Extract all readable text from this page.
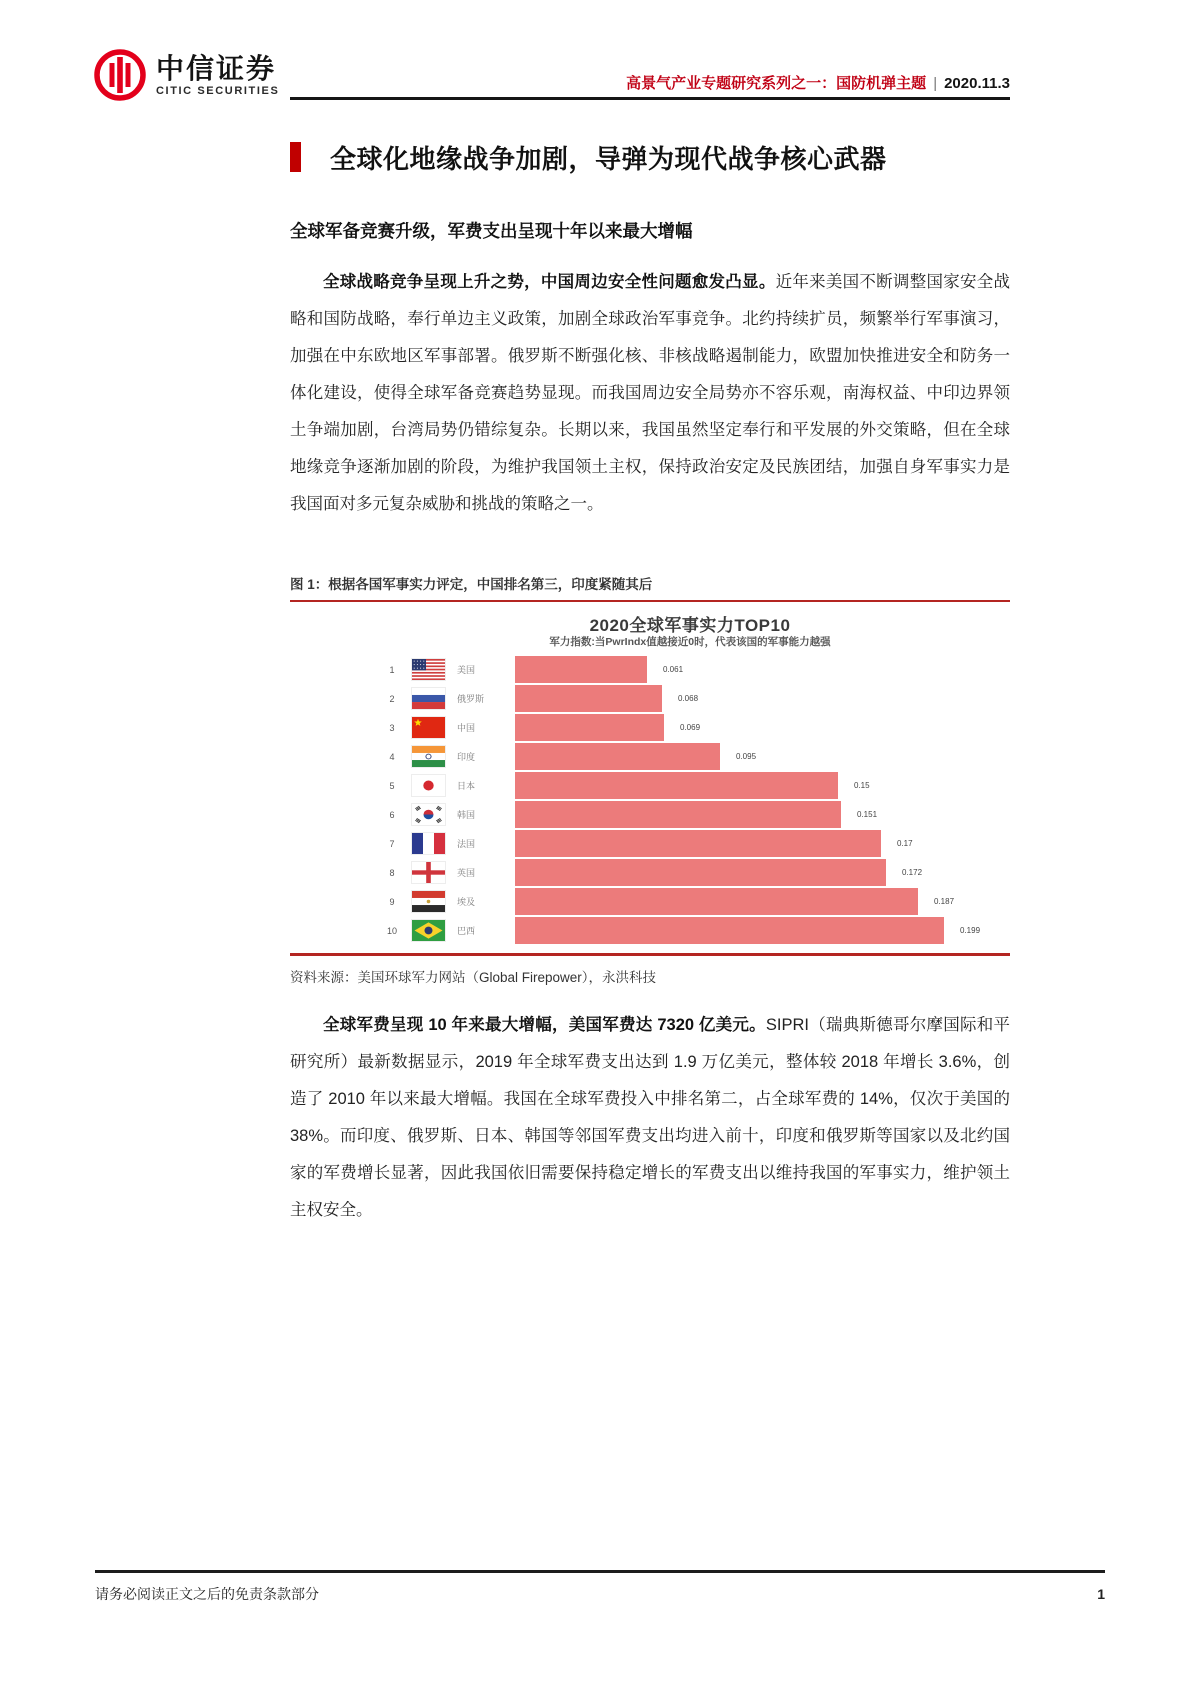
中信证券
CITIC SECURITIES	高景气产业专题研究系列之一：国防机弹主题 | 2020.11.3
全球化地缘战争加剧，导弹为现代战争核心武器
全球军备竞赛升级，军费支出呈现十年以来最大增幅

全球战略竞争呈现上升之势，中国周边安全性问题愈发凸显。近年来美国不断调整国家安全战略和国防战略，奉行单边主义政策，加剧全球政治军事竞争。北约持续扩员，频繁举行军事演习，加强在中东欧地区军事部署。俄罗斯不断强化核、非核战略遏制能力，欧盟加快推进安全和防务一体化建设，使得全球军备竞赛趋势显现。而我国周边安全局势亦不容乐观，南海权益、中印边界领土争端加剧，台湾局势仍错综复杂。长期以来，我国虽然坚定奉行和平发展的外交策略，但在全球地缘竞争逐渐加剧的阶段，为维护我国领土主权，保持政治安定及民族团结，加强自身军事实力是我国面对多元复杂威胁和挑战的策略之一。

图 1：根据各国军事实力评定，中国排名第三，印度紧随其后
2020全球军事实力TOP10
军力指数:当PwrIndx值越接近0时，代表该国的军事能力越强
1	美国	0.061
2	俄罗斯	0.068
3	中国	0.069
4	印度	0.095
5	日本	0.15
6	韩国	0.151
7	法国	0.17
8	英国	0.172
9	埃及	0.187
10	巴西	0.199
资料来源：美国环球军力网站（Global Firepower），永洪科技

全球军费呈现 10 年来最大增幅，美国军费达 7320 亿美元。SIPRI（瑞典斯德哥尔摩国际和平研究所）最新数据显示，2019 年全球军费支出达到 1.9 万亿美元，整体较 2018 年增长 3.6%，创造了 2010 年以来最大增幅。我国在全球军费投入中排名第二，占全球军费的 14%，仅次于美国的 38%。而印度、俄罗斯、日本、韩国等邻国军费支出均进入前十，印度和俄罗斯等国家以及北约国家的军费增长显著，因此我国依旧需要保持稳定增长的军费支出以维持我国的军事实力，维护领土主权安全。

请务必阅读正文之后的免责条款部分	1
